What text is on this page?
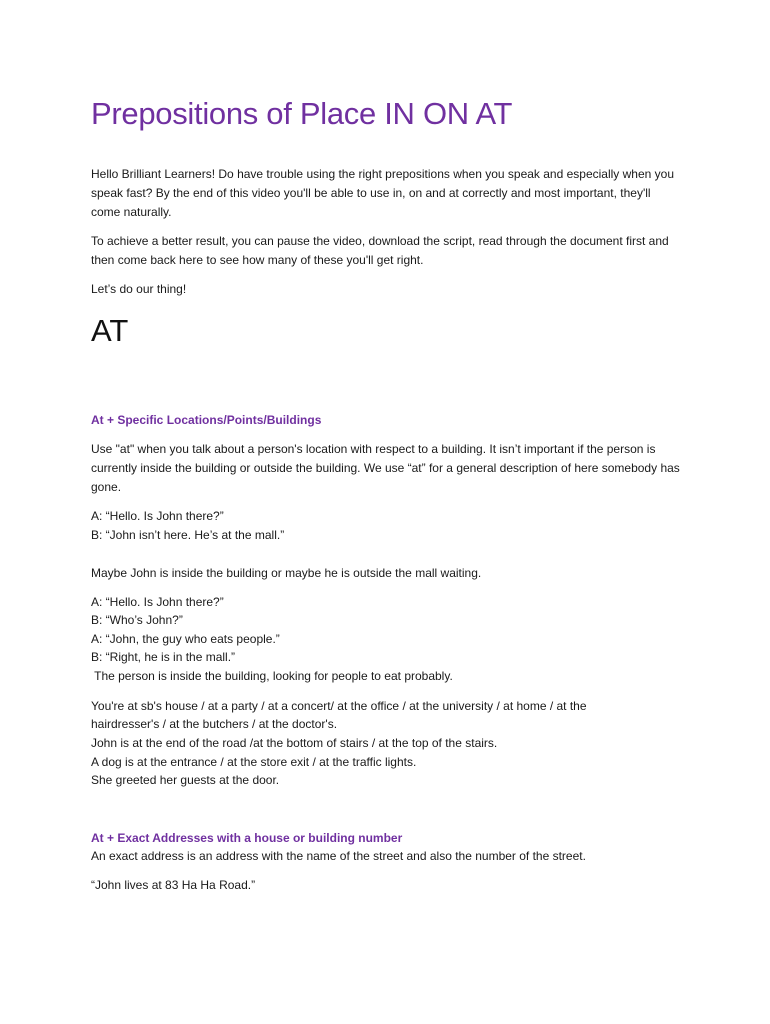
Prepositions of Place IN ON AT

Hello Brilliant Learners! Do have trouble using the right prepositions when you speak and especially when you speak fast? By the end of this video you'll be able to use in, on and at correctly and most important, they'll come naturally.

To achieve a better result, you can pause the video, download the script, read through the document first and then come back here to see how many of these you'll get right.

Let’s do our thing!

AT

At + Specific Locations/Points/Buildings

Use "at" when you talk about a person's location with respect to a building. It isn’t important if the person is currently inside the building or outside the building. We use “at” for a general description of here somebody has gone.

A: “Hello. Is John there?”

B: “John isn’t here. He’s at the mall.”

Maybe John is inside the building or maybe he is outside the mall waiting.

A: “Hello. Is John there?”

B: “Who’s John?”

A: “John, the guy who eats people.”

B: “Right, he is in the mall.”

The person is inside the building, looking for people to eat probably.

You're at sb's house / at a party / at a concert/ at the office / at the university / at home / at the

hairdresser's / at the butchers / at the doctor's.

John is at the end of the road /at the bottom of stairs / at the top of the stairs.

A dog is at the entrance / at the store exit / at the traffic lights.

She greeted her guests at the door.

At + Exact Addresses with a house or building number

An exact address is an address with the name of the street and also the number of the street.

“John lives at 83 Ha Ha Road.”
